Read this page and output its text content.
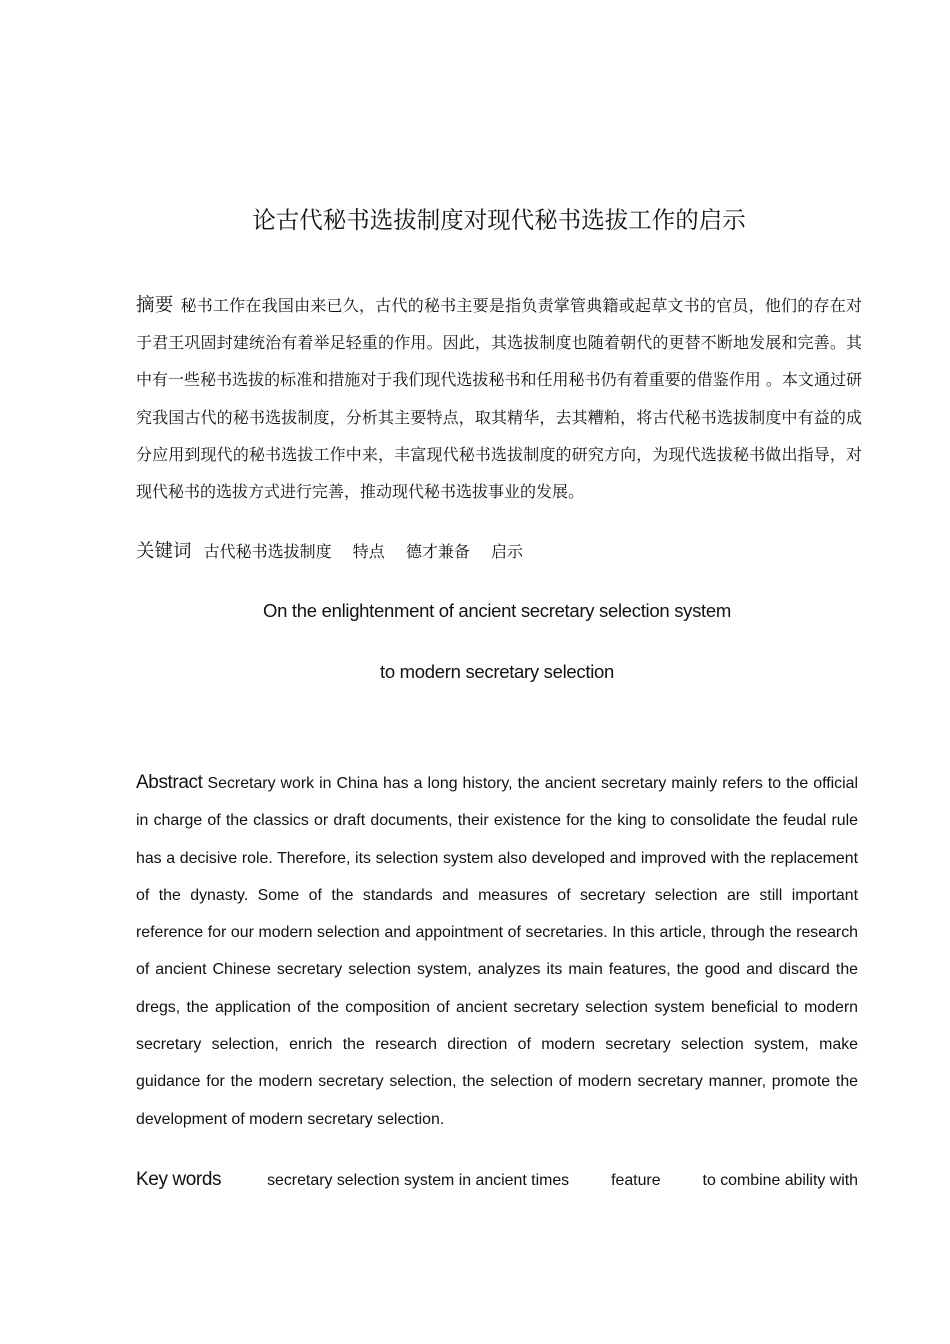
论古代秘书选拔制度对现代秘书选拔工作的启示
摘要 秘书工作在我国由来已久，古代的秘书主要是指负责掌管典籍或起草文书的官员，他们的存在对于君王巩固封建统治有着举足轻重的作用。因此，其选拔制度也随着朝代的更替不断地发展和完善。其中有一些秘书选拔的标准和措施对于我们现代选拔秘书和任用秘书仍有着重要的借鉴作用 。本文通过研究我国古代的秘书选拔制度，分析其主要特点，取其精华，去其糟粕，将古代秘书选拔制度中有益的成分应用到现代的秘书选拔工作中来，丰富现代秘书选拔制度的研究方向，为现代选拔秘书做出指导，对现代秘书的选拔方式进行完善，推动现代秘书选拔事业的发展。
关键词 古代秘书选拔制度 特点 德才兼备 启示
On the enlightenment of ancient secretary selection system
to modern secretary selection
Abstract Secretary work in China has a long history, the ancient secretary mainly refers to the official in charge of the classics or draft documents, their existence for the king to consolidate the feudal rule has a decisive role. Therefore, its selection system also developed and improved with the replacement of the dynasty. Some of the standards and measures of secretary selection are still important reference for our modern selection and appointment of secretaries. In this article, through the research of ancient Chinese secretary selection system, analyzes its main features, the good and discard the dregs, the application of the composition of ancient secretary selection system beneficial to modern secretary selection, enrich the research direction of modern secretary selection system, make guidance for the modern secretary selection, the selection of modern secretary manner, promote the development of modern secretary selection.
Key words	secretary selection system in ancient times	feature	to combine ability with
